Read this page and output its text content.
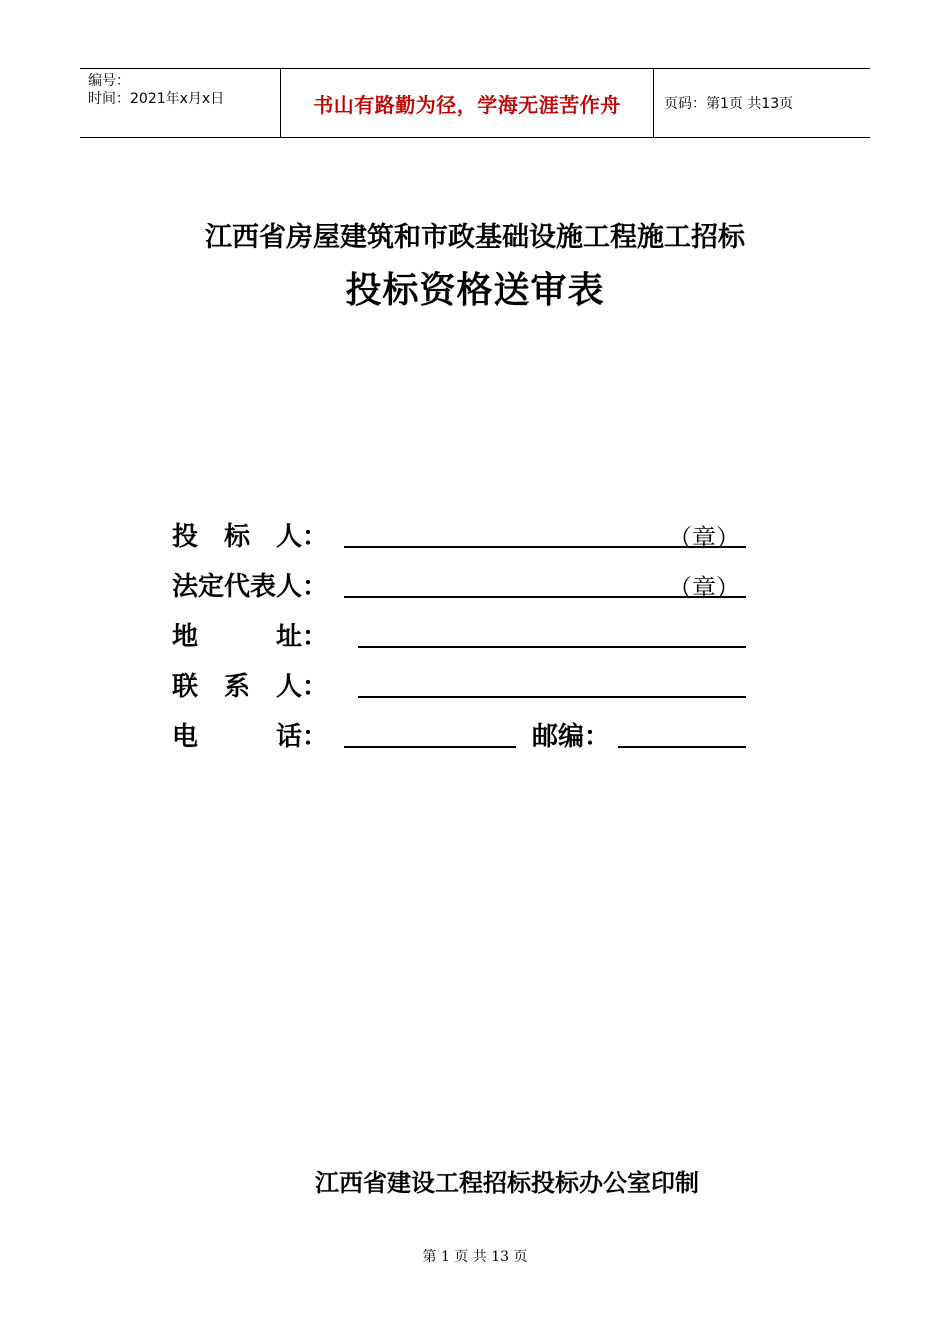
编号：
时间：2021年x月x日	书山有路勤为径，学海无涯苦作舟	页码：第1页 共13页
江西省房屋建筑和市政基础设施工程施工招标
投标资格送审表
投　标　人：	（章）
法定代表人：	（章）
地　　　址：
联　系　人：
电　　　话：	邮编：
江西省建设工程招标投标办公室印制
第 1 页 共 13 页
